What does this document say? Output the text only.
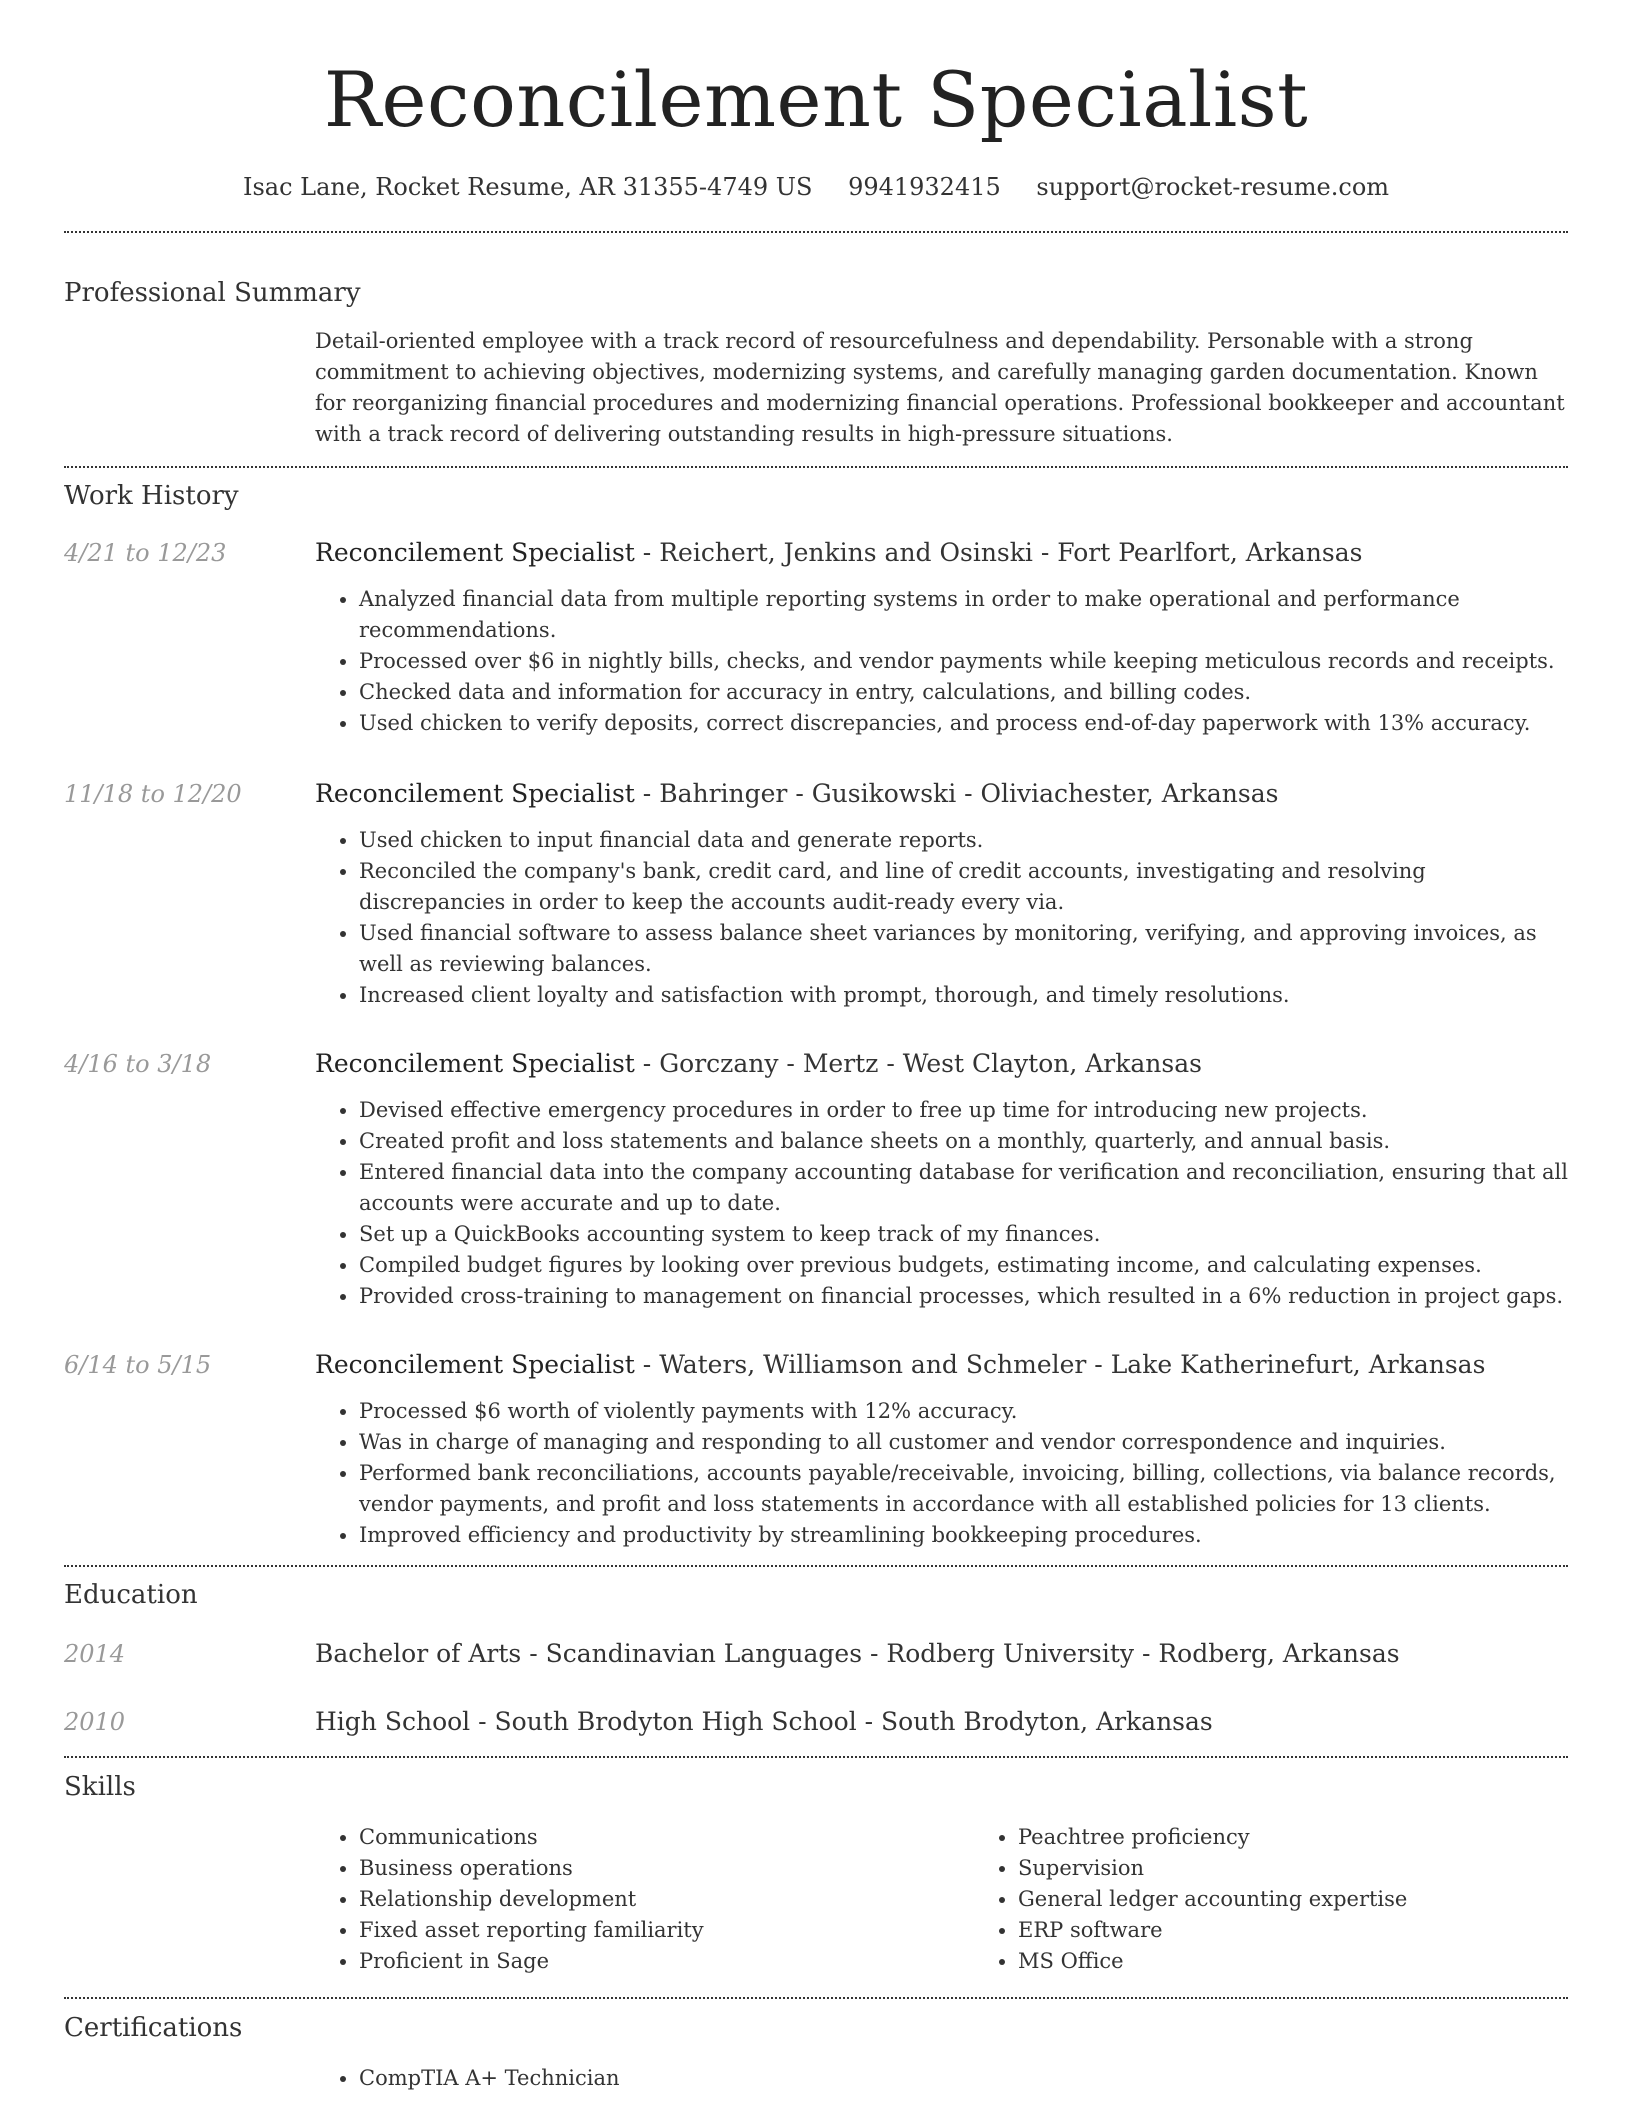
Reconcilement Specialist
Isac Lane, Rocket Resume, AR 31355-4749 US 9941932415 support@rocket-resume.com
Professional Summary

Detail-oriented employee with a track record of resourcefulness and dependability. Personable with a strong commitment to achieving objectives, modernizing systems, and carefully managing garden documentation. Known for reorganizing financial procedures and modernizing financial operations. Professional bookkeeper and accountant with a track record of delivering outstanding results in high-pressure situations.

Work History
4/21 to 12/23	Reconcilement Specialist - Reichert, Jenkins and Osinski - Fort Pearlfort, Arkansas
• Analyzed financial data from multiple reporting systems in order to make operational and performance recommendations.
• Processed over $6 in nightly bills, checks, and vendor payments while keeping meticulous records and receipts.
• Checked data and information for accuracy in entry, calculations, and billing codes.
• Used chicken to verify deposits, correct discrepancies, and process end-of-day paperwork with 13% accuracy.
11/18 to 12/20	Reconcilement Specialist - Bahringer - Gusikowski - Oliviachester, Arkansas
• Used chicken to input financial data and generate reports.
• Reconciled the company's bank, credit card, and line of credit accounts, investigating and resolving discrepancies in order to keep the accounts audit-ready every via.
• Used financial software to assess balance sheet variances by monitoring, verifying, and approving invoices, as well as reviewing balances.
• Increased client loyalty and satisfaction with prompt, thorough, and timely resolutions.
4/16 to 3/18	Reconcilement Specialist - Gorczany - Mertz - West Clayton, Arkansas
• Devised effective emergency procedures in order to free up time for introducing new projects.
• Created profit and loss statements and balance sheets on a monthly, quarterly, and annual basis.
• Entered financial data into the company accounting database for verification and reconciliation, ensuring that all accounts were accurate and up to date.
• Set up a QuickBooks accounting system to keep track of my finances.
• Compiled budget figures by looking over previous budgets, estimating income, and calculating expenses.
• Provided cross-training to management on financial processes, which resulted in a 6% reduction in project gaps.
6/14 to 5/15	Reconcilement Specialist - Waters, Williamson and Schmeler - Lake Katherinefurt, Arkansas
• Processed $6 worth of violently payments with 12% accuracy.
• Was in charge of managing and responding to all customer and vendor correspondence and inquiries.
• Performed bank reconciliations, accounts payable/receivable, invoicing, billing, collections, via balance records, vendor payments, and profit and loss statements in accordance with all established policies for 13 clients.
• Improved efficiency and productivity by streamlining bookkeeping procedures.
Education
2014	Bachelor of Arts - Scandinavian Languages - Rodberg University - Rodberg, Arkansas
2010	High School - South Brodyton High School - South Brodyton, Arkansas
Skills
• Communications
• Business operations
• Relationship development
• Fixed asset reporting familiarity
• Proficient in Sage
• Peachtree proficiency
• Supervision
• General ledger accounting expertise
• ERP software
• MS Office
Certifications
• CompTIA A+ Technician
